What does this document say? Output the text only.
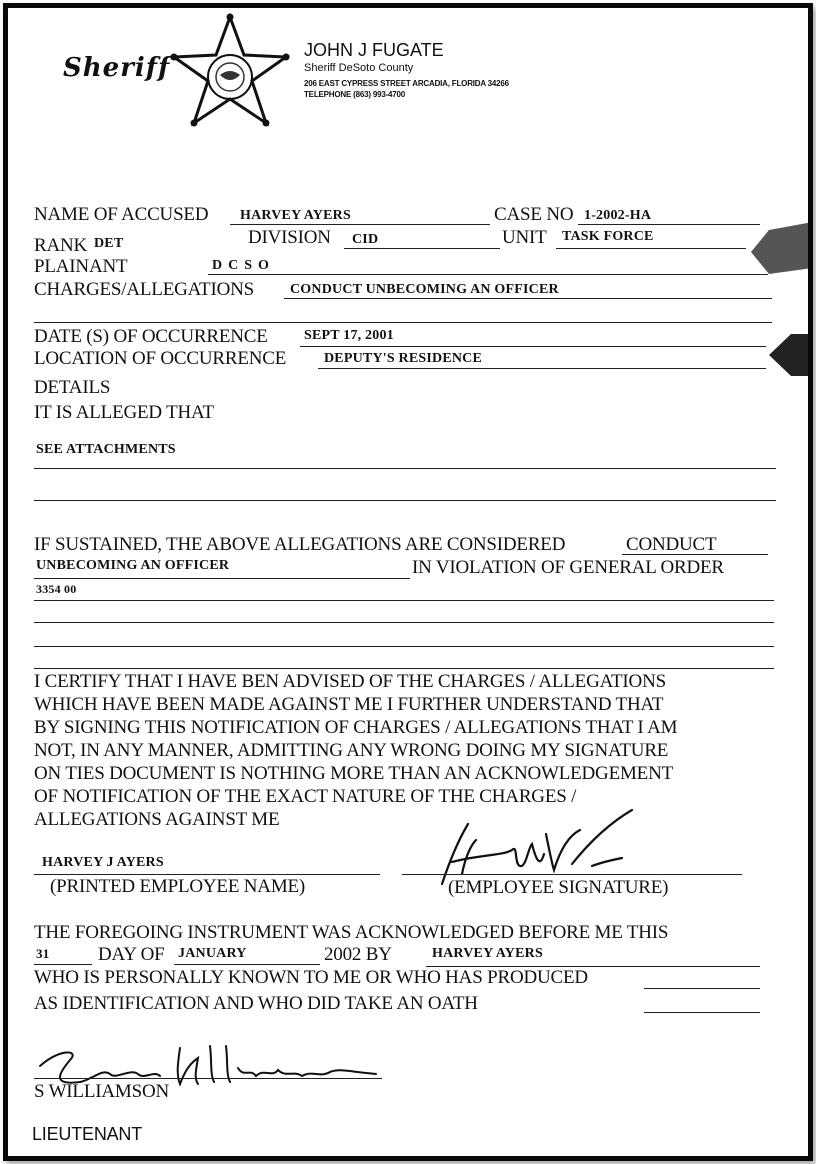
Sheriff
JOHN J FUGATE
Sheriff DeSoto County
206 EAST CYPRESS STREET ARCADIA, FLORIDA 34266
TELEPHONE (863) 993-4700
NAME OF ACCUSED HARVEY AYERS	CASE NO 1-2002-HA
RANK DET	DIVISION CID	UNIT TASK FORCE
PLAINANT	DCSO
CHARGES/ALLEGATIONS	CONDUCT UNBECOMING AN OFFICER
DATE (S) OF OCCURRENCE	SEPT 17, 2001
LOCATION OF OCCURRENCE	DEPUTY'S RESIDENCE
DETAILS
IT IS ALLEGED THAT
SEE ATTACHMENTS
IF SUSTAINED, THE ABOVE ALLEGATIONS ARE CONSIDERED	CONDUCT
UNBECOMING AN OFFICER	IN VIOLATION OF GENERAL ORDER
3354 00
I CERTIFY THAT I HAVE BEN ADVISED OF THE CHARGES / ALLEGATIONS
WHICH HAVE BEEN MADE AGAINST ME I FURTHER UNDERSTAND THAT
BY SIGNING THIS NOTIFICATION OF CHARGES / ALLEGATIONS THAT I AM
NOT, IN ANY MANNER, ADMITTING ANY WRONG DOING MY SIGNATURE
ON TIES DOCUMENT IS NOTHING MORE THAN AN ACKNOWLEDGEMENT
OF NOTIFICATION OF THE EXACT NATURE OF THE CHARGES /
ALLEGATIONS AGAINST ME
HARVEY J AYERS
(PRINTED EMPLOYEE NAME)	(EMPLOYEE SIGNATURE)
THE FOREGOING INSTRUMENT WAS ACKNOWLEDGED BEFORE ME THIS
31	DAY OF JANUARY	2002 BY	HARVEY AYERS
WHO IS PERSONALLY KNOWN TO ME OR WHO HAS PRODUCED
AS IDENTIFICATION AND WHO DID TAKE AN OATH
S WILLIAMSON
LIEUTENANT
